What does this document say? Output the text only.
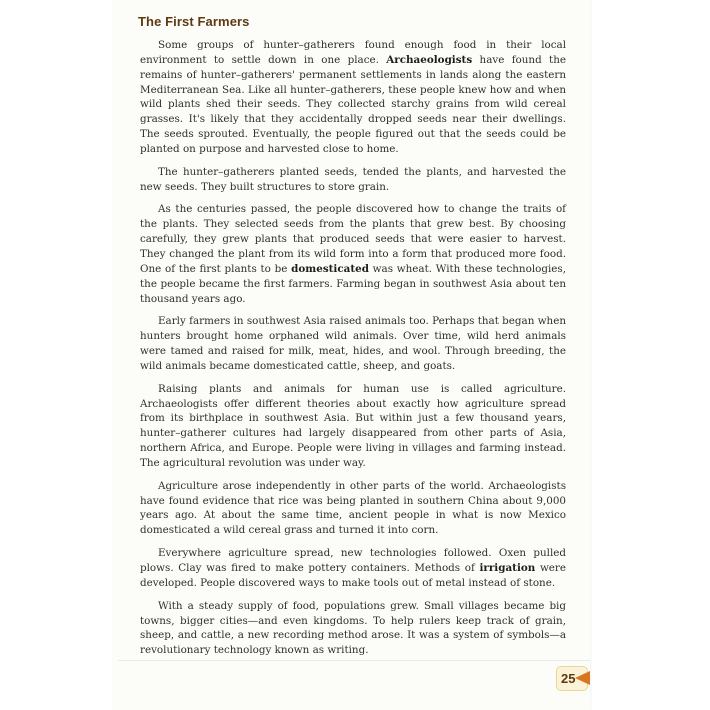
The First Farmers

Some groups of hunter–gatherers found enough food in their local environment to settle down in one place. Archaeologists have found the remains of hunter–gatherers' permanent settlements in lands along the eastern Mediterranean Sea. Like all hunter–gatherers, these people knew how and when wild plants shed their seeds. They collected starchy grains from wild cereal grasses. It's likely that they accidentally dropped seeds near their dwellings. The seeds sprouted. Eventually, the people figured out that the seeds could be planted on purpose and harvested close to home.

The hunter–gatherers planted seeds, tended the plants, and harvested the new seeds. They built structures to store grain.

As the centuries passed, the people discovered how to change the traits of the plants. They selected seeds from the plants that grew best. By choosing carefully, they grew plants that produced seeds that were easier to harvest. They changed the plant from its wild form into a form that produced more food. One of the first plants to be domesticated was wheat. With these technologies, the people became the first farmers. Farming began in southwest Asia about ten thousand years ago.

Early farmers in southwest Asia raised animals too. Perhaps that began when hunters brought home orphaned wild animals. Over time, wild herd animals were tamed and raised for milk, meat, hides, and wool. Through breeding, the wild animals became domesticated cattle, sheep, and goats.

Raising plants and animals for human use is called agriculture. Archaeologists offer different theories about exactly how agriculture spread from its birthplace in southwest Asia. But within just a few thousand years, hunter–gatherer cultures had largely disappeared from other parts of Asia, northern Africa, and Europe. People were living in villages and farming instead. The agricultural revolution was under way.

Agriculture arose independently in other parts of the world. Archaeologists have found evidence that rice was being planted in southern China about 9,000 years ago. At about the same time, ancient people in what is now Mexico domesticated a wild cereal grass and turned it into corn.

Everywhere agriculture spread, new technologies followed. Oxen pulled plows. Clay was fired to make pottery containers. Methods of irrigation were developed. People discovered ways to make tools out of metal instead of stone.

With a steady supply of food, populations grew. Small villages became big towns, bigger cities—and even kingdoms. To help rulers keep track of grain, sheep, and cattle, a new recording method arose. It was a system of symbols—a revolutionary technology known as writing.

25
